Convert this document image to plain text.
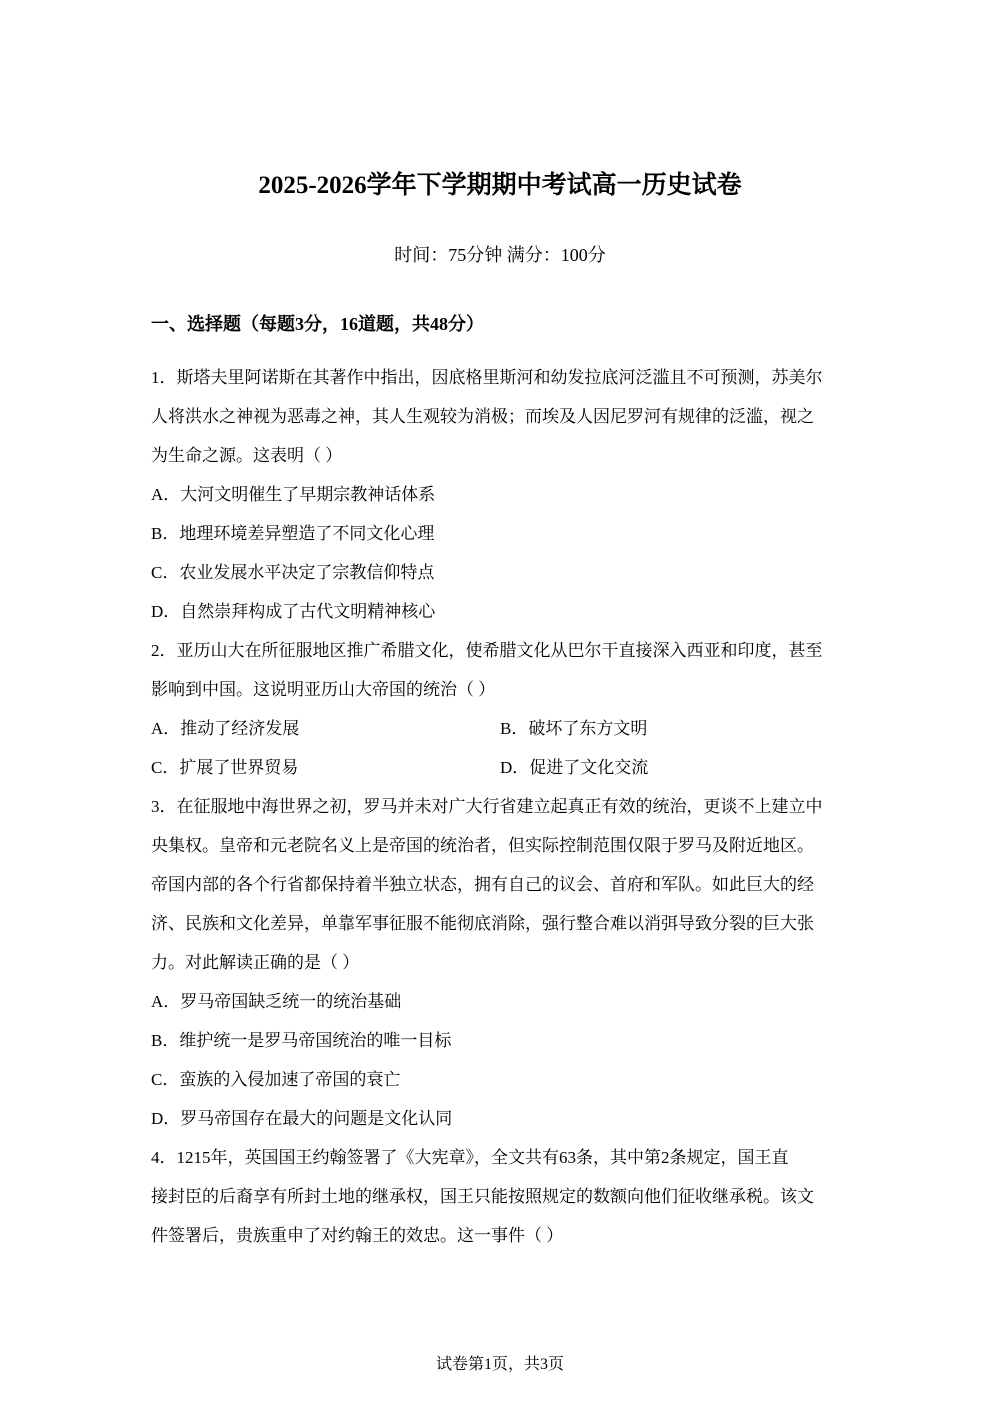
2025-2026学年下学期期中考试高一历史试卷
时间：75分钟 满分：100分
一、选择题（每题3分，16道题，共48分）
1．斯塔夫里阿诺斯在其著作中指出，因底格里斯河和幼发拉底河泛滥且不可预测，苏美尔
人将洪水之神视为恶毒之神，其人生观较为消极；而埃及人因尼罗河有规律的泛滥，视之
为生命之源。这表明（ ）
A．大河文明催生了早期宗教神话体系
B．地理环境差异塑造了不同文化心理
C．农业发展水平决定了宗教信仰特点
D．自然崇拜构成了古代文明精神核心
2．亚历山大在所征服地区推广希腊文化，使希腊文化从巴尔干直接深入西亚和印度，甚至
影响到中国。这说明亚历山大帝国的统治（ ）
A．推动了经济发展	B．破坏了东方文明
C．扩展了世界贸易	D．促进了文化交流
3．在征服地中海世界之初，罗马并未对广大行省建立起真正有效的统治，更谈不上建立中
央集权。皇帝和元老院名义上是帝国的统治者，但实际控制范围仅限于罗马及附近地区。
帝国内部的各个行省都保持着半独立状态，拥有自己的议会、首府和军队。如此巨大的经
济、民族和文化差异，单靠军事征服不能彻底消除，强行整合难以消弭导致分裂的巨大张
力。对此解读正确的是（ ）
A．罗马帝国缺乏统一的统治基础
B．维护统一是罗马帝国统治的唯一目标
C．蛮族的入侵加速了帝国的衰亡
D．罗马帝国存在最大的问题是文化认同
4．1215年，英国国王约翰签署了《大宪章》，全文共有63条，其中第2条规定，国王直
接封臣的后裔享有所封土地的继承权，国王只能按照规定的数额向他们征收继承税。该文
件签署后，贵族重申了对约翰王的效忠。这一事件（ ）
试卷第1页，共3页
